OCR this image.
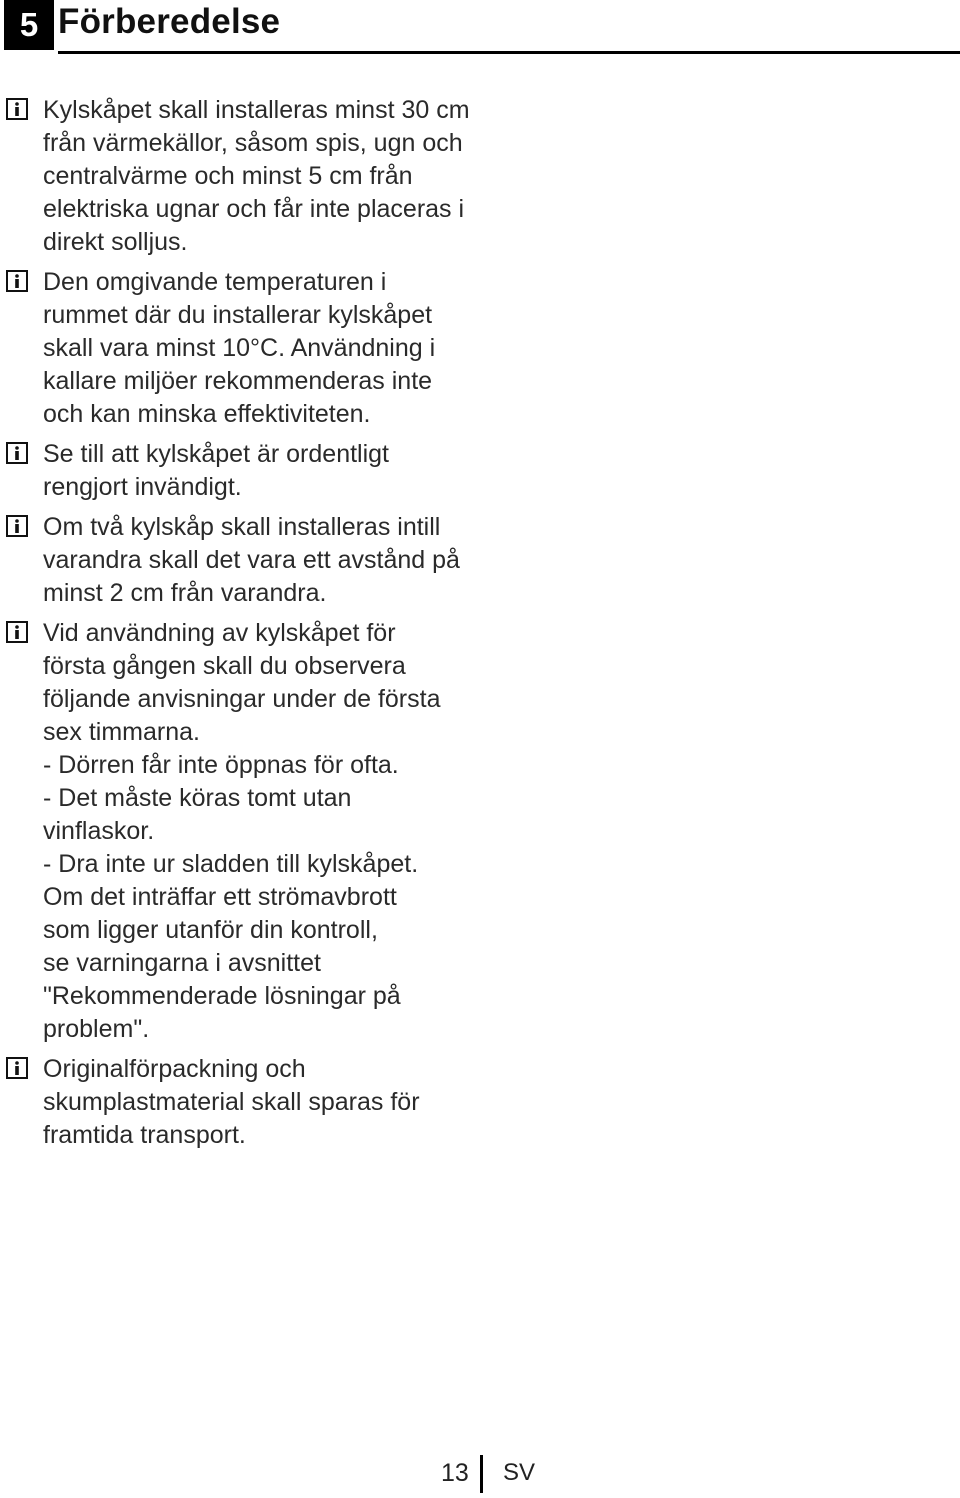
5 Förberedelse

Kylskåpet skall installeras minst 30 cm
från värmekällor, såsom spis, ugn och
centralvärme och minst 5 cm från
elektriska ugnar och får inte placeras i
direkt solljus.

Den omgivande temperaturen i
rummet där du installerar kylskåpet
skall vara minst 10°C. Användning i
kallare miljöer rekommenderas inte
och kan minska effektiviteten.

Se till att kylskåpet är ordentligt
rengjort invändigt.

Om två kylskåp skall installeras intill
varandra skall det vara ett avstånd på
minst 2 cm från varandra.

Vid användning av kylskåpet för
första gången skall du observera
följande anvisningar under de första
sex timmarna.
- Dörren får inte öppnas för ofta.
- Det måste köras tomt utan
vinflaskor.
- Dra inte ur sladden till kylskåpet.
Om det inträffar ett strömavbrott
som ligger utanför din kontroll,
se varningarna i avsnittet
"Rekommenderade lösningar på
problem".

Originalförpackning och
skumplastmaterial skall sparas för
framtida transport.

13 SV
